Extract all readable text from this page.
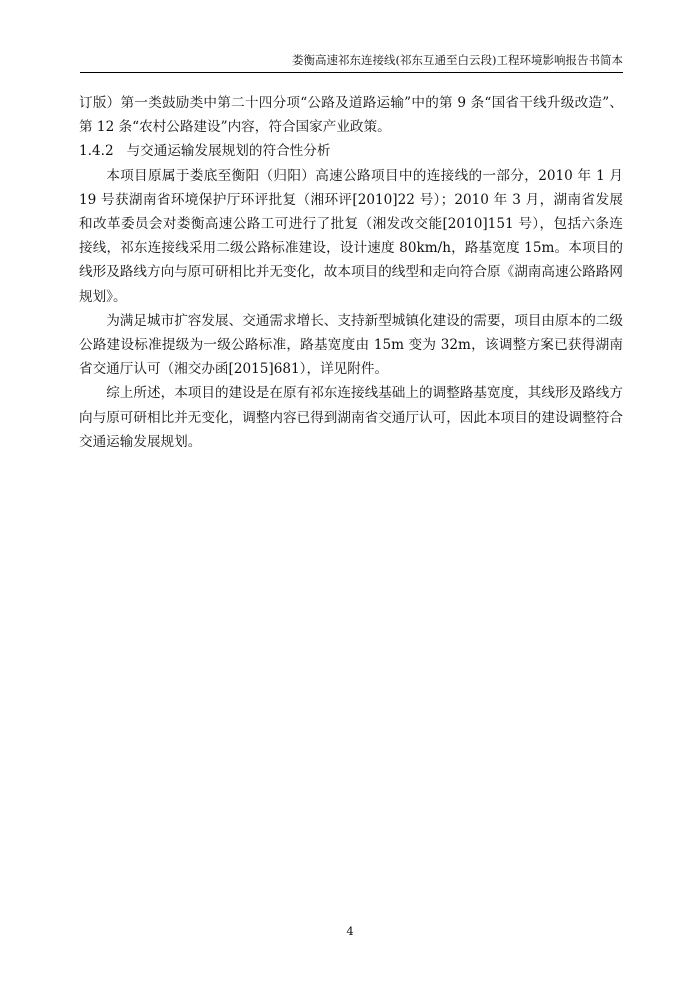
娄衡高速祁东连接线(祁东互通至白云段)工程环境影响报告书简本

订版）第一类鼓励类中第二十四分项“公路及道路运输”中的第 9 条“国省干线升级改造”、第 12 条“农村公路建设”内容，符合国家产业政策。

1.4.2 与交通运输发展规划的符合性分析

本项目原属于娄底至衡阳（归阳）高速公路项目中的连接线的一部分，2010 年 1 月 19 号获湖南省环境保护厅环评批复（湘环评[2010]22 号）；2010 年 3 月，湖南省发展和改革委员会对娄衡高速公路工可进行了批复（湘发改交能[2010]151 号），包括六条连接线，祁东连接线采用二级公路标准建设，设计速度 80km/h，路基宽度 15m。本项目的线形及路线方向与原可研相比并无变化，故本项目的线型和走向符合原《湖南高速公路路网规划》。

为满足城市扩容发展、交通需求增长、支持新型城镇化建设的需要，项目由原本的二级公路建设标准提级为一级公路标准，路基宽度由 15m 变为 32m，该调整方案已获得湖南省交通厅认可（湘交办函[2015]681），详见附件。

综上所述，本项目的建设是在原有祁东连接线基础上的调整路基宽度，其线形及路线方向与原可研相比并无变化，调整内容已得到湖南省交通厅认可，因此本项目的建设调整符合交通运输发展规划。

4
